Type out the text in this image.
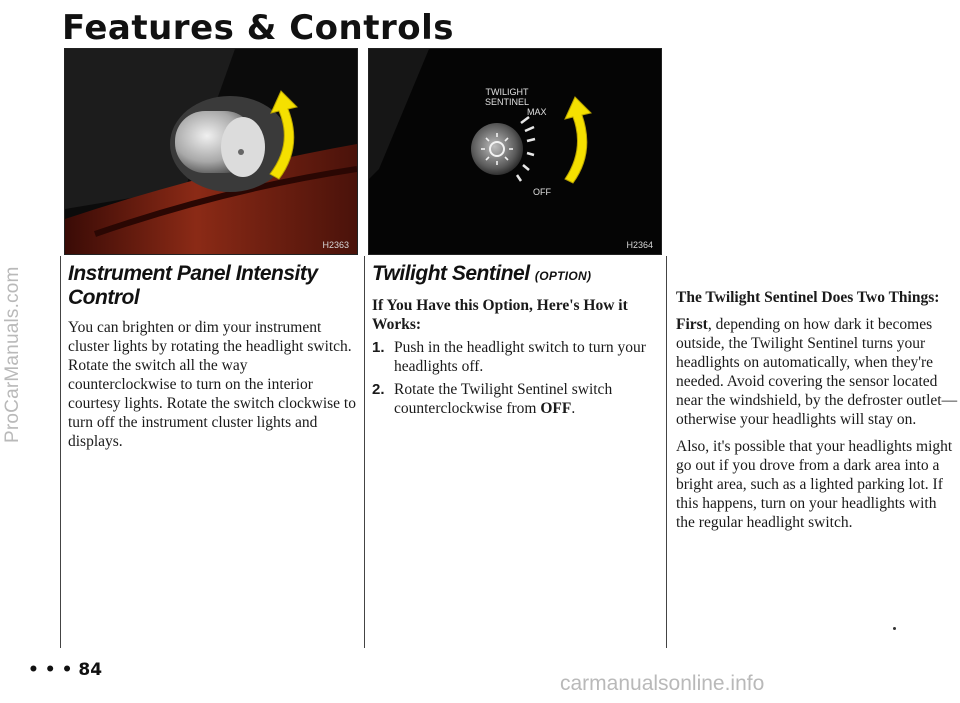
ProCarManuals.com
Features & Controls
H2363
TWILIGHT
SENTINEL
MAX
OFF
H2364
Instrument Panel Intensity Control

You can brighten or dim your instrument cluster lights by rotating the headlight switch. Rotate the switch all the way counterclockwise to turn on the interior courtesy lights. Rotate the switch clockwise to turn off the instrument cluster lights and displays.

Twilight Sentinel (OPTION)

If You Have this Option, Here's How it Works:

1. Push in the headlight switch to turn your headlights off.
2. Rotate the Twilight Sentinel switch counterclockwise from OFF.

The Twilight Sentinel Does Two Things:

First, depending on how dark it becomes outside, the Twilight Sentinel turns your headlights on automatically, when they're needed. Avoid covering the sensor located near the windshield, by the defroster outlet—otherwise your headlights will stay on.

Also, it's possible that your headlights might go out if you drove from a dark area into a bright area, such as a lighted parking lot. If this happens, turn on your headlights with the regular headlight switch.

• • • 84
carmanualsonline.info
